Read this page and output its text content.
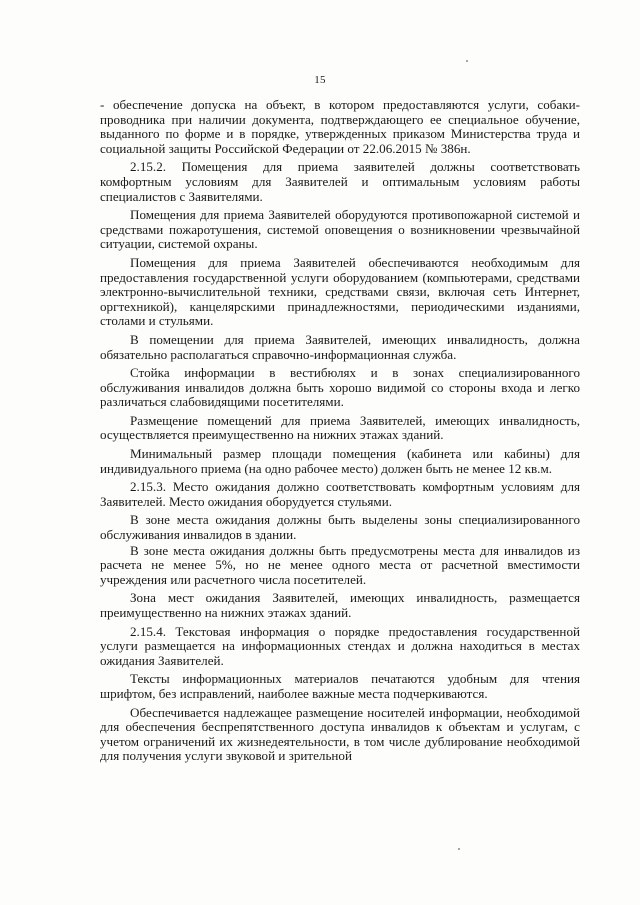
15

- обеспечение допуска на объект, в котором предоставляются услуги, собаки-проводника при наличии документа, подтверждающего ее специальное обучение, выданного по форме и в порядке, утвержденных приказом Министерства труда и социальной защиты Российской Федерации от 22.06.2015 № 386н.

2.15.2. Помещения для приема заявителей должны соответствовать комфортным условиям для Заявителей и оптимальным условиям работы специалистов с Заявителями.

Помещения для приема Заявителей оборудуются противопожарной системой и средствами пожаротушения, системой оповещения о возникновении чрезвычайной ситуации, системой охраны.

Помещения для приема Заявителей обеспечиваются необходимым для предоставления государственной услуги оборудованием (компьютерами, средствами электронно-вычислительной техники, средствами связи, включая сеть Интернет, оргтехникой), канцелярскими принадлежностями, периодическими изданиями, столами и стульями.

В помещении для приема Заявителей, имеющих инвалидность, должна обязательно располагаться справочно-информационная служба.

Стойка информации в вестибюлях и в зонах специализированного обслуживания инвалидов должна быть хорошо видимой со стороны входа и легко различаться слабовидящими посетителями.

Размещение помещений для приема Заявителей, имеющих инвалидность, осуществляется преимущественно на нижних этажах зданий.

Минимальный размер площади помещения (кабинета или кабины) для индивидуального приема (на одно рабочее место) должен быть не менее 12 кв.м.

2.15.3. Место ожидания должно соответствовать комфортным условиям для Заявителей. Место ожидания оборудуется стульями.

В зоне места ожидания должны быть выделены зоны специализированного обслуживания инвалидов в здании.

В зоне места ожидания должны быть предусмотрены места для инвалидов из расчета не менее 5%, но не менее одного места от расчетной вместимости учреждения или расчетного числа посетителей.

Зона мест ожидания Заявителей, имеющих инвалидность, размещается преимущественно на нижних этажах зданий.

2.15.4. Текстовая информация о порядке предоставления государственной услуги размещается на информационных стендах и должна находиться в местах ожидания Заявителей.

Тексты информационных материалов печатаются удобным для чтения шрифтом, без исправлений, наиболее важные места подчеркиваются.

Обеспечивается надлежащее размещение носителей информации, необходимой для обеспечения беспрепятственного доступа инвалидов к объектам и услугам, с учетом ограничений их жизнедеятельности, в том числе дублирование необходимой для получения услуги звуковой и зрительной
